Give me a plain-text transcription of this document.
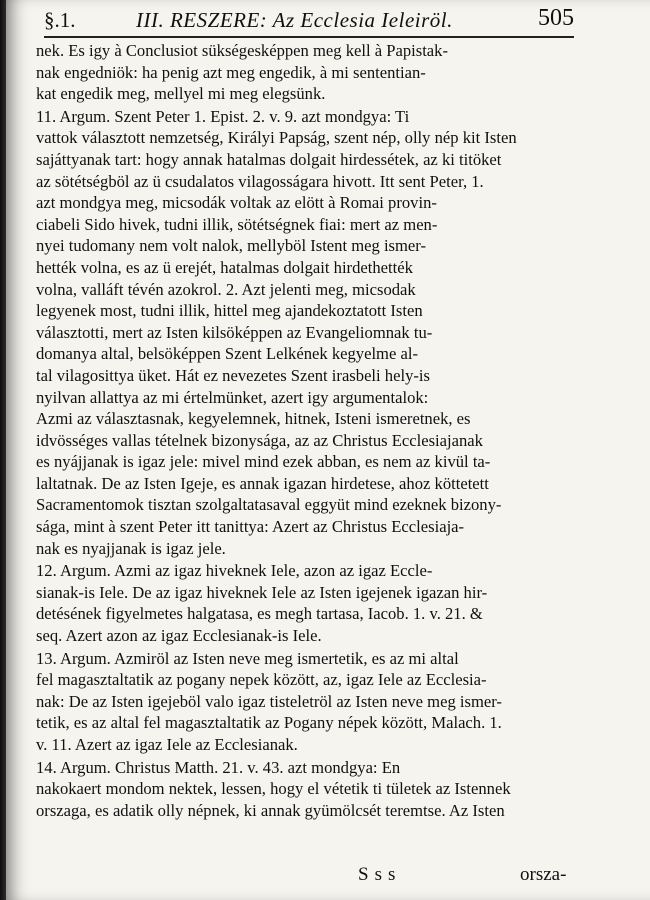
§.1.	III. RESZERE: Az Ecclesia Ieleiröl.	505

nek. Es igy à Conclusiot sükségesképpen meg kell à Papistak-
nak engedniök: ha penig azt meg engedik, à mi sententian-
kat engedik meg, mellyel mi meg elegsünk.

11. Argum. Szent Peter 1. Epist. 2. v. 9. azt mondgya: Ti
vattok választott nemzetség, Királyi Papság, szent nép, olly nép kit Isten
sajáttyanak tart: hogy annak hatalmas dolgait hirdessétek, az ki titöket
az sötétségböl az ü csudalatos vilagosságara hivott. Itt sent Peter, 1.
azt mondgya meg, micsodák voltak az elött à Romai provin-
ciabeli Sido hivek, tudni illik, sötétségnek fiai: mert az men-
nyei tudomany nem volt nalok, mellyböl Istent meg ismer-
hették volna, es az ü erejét, hatalmas dolgait hirdethették
volna, valláft tévén azokrol. 2. Azt jelenti meg, micsodak
legyenek most, tudni illik, hittel meg ajandekoztatott Isten
választotti, mert az Isten kilsöképpen az Evangeliomnak tu-
domanya altal, belsöképpen Szent Lelkének kegyelme al-
tal vilagosittya üket. Hát ez nevezetes Szent irasbeli hely-is
nyilvan allattya az mi értelmünket, azert igy argumentalok:
Azmi az választasnak, kegyelemnek, hitnek, Isteni ismeretnek, es
idvösséges vallas tételnek bizonysága, az az Christus Ecclesiajanak
es nyájjanak is igaz jele: mivel mind ezek abban, es nem az kivül ta-
laltatnak. De az Isten Igeje, es annak igazan hirdetese, ahoz köttetett
Sacramentomok tisztan szolgaltatasaval eggyüt mind ezeknek bizony-
sága, mint à szent Peter itt tanittya: Azert az Christus Ecclesiaja-
nak es nyajjanak is igaz jele.

12. Argum. Azmi az igaz hiveknek Iele, azon az igaz Eccle-
sianak-is Iele. De az igaz hiveknek Iele az Isten igejenek igazan hir-
detésének figyelmetes halgatasa, es megh tartasa, Iacob. 1. v. 21. &
seq. Azert azon az igaz Ecclesianak-is Iele.

13. Argum. Azmiröl az Isten neve meg ismertetik, es az mi altal
fel magasztaltatik az pogany nepek között, az, igaz Iele az Ecclesia-
nak: De az Isten igejeböl valo igaz tisteletröl az Isten neve meg ismer-
tetik, es az altal fel magasztaltatik az Pogany népek között, Malach. 1.
v. 11. Azert az igaz Iele az Ecclesianak.

14. Argum. Christus Matth. 21. v. 43. azt mondgya: En
nakokaert mondom nektek, lessen, hogy el vétetik ti tületek az Istennek
orszaga, es adatik olly népnek, ki annak gyümölcsét teremtse. Az Isten

Sss	orsza-
